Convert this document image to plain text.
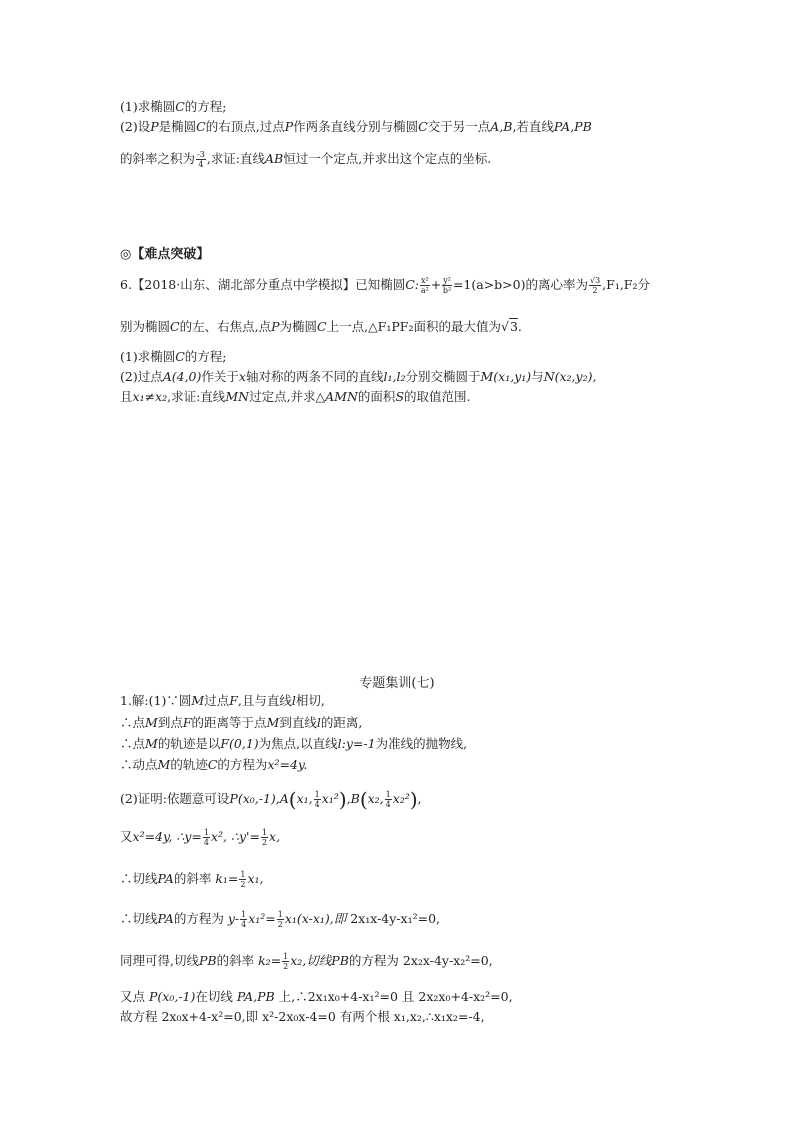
(1)求椭圆C的方程;
(2)设P是椭圆C的右顶点,过点P作两条直线分别与椭圆C交于另一点A,B,若直线PA,PB
的斜率之积为 $\frac{-3}{4}$ ,求证:直线AB恒过一个定点,并求出这个定点的坐标.
◎【难点突破】
6.【2018·山东、湖北部分重点中学模拟】已知椭圆C: $\frac{\text{x²}}{\text{a²}} + \frac{\text{y²}}{\text{b²}} =1(a>b>0)$的离心率为 $\frac{√3}{2} ,F_1,F_2$分
别为椭圆C的左、右焦点,点P为椭圆C上一点,△F₁PF₂面积的最大值为√3.
(1)求椭圆C的方程;
(2)过点A(4,0)作关于x轴对称的两条不同的直线l₁,l₂分别交椭圆于M(x₁,y₁)与N(x₂,y₂),
且x₁≠x₂,求证:直线MN过定点,并求△AMN的面积S的取值范围.
专题集训(七)
1.解:(1)∵圆M过点F,且与直线l相切,
∴点M到点F的距离等于点M到直线l的距离,
∴点M的轨迹是以F(0,1)为焦点,以直线l:y=-1为准线的抛物线,
∴动点M的轨迹C的方程为x²=4y.
(2)证明:依题意可设P(x₀,-1),A(x₁, $\frac{1}{4} x_1^2),B(x_2$, $\frac{1}{4} x_2^2$),
又x²=4y, ∴y= $\frac{1}{4} x^2$, ∴y'= $\frac{1}{2} x$,
∴切线PA的斜率 $k_1= \frac{1}{2} x_1$,
∴切线PA的方程为 $y- \frac{1}{4} x_1^2= \frac{1}{2} x_1(x-x_1)$,即 2x₁x-4y-x₁²=0,
同理可得,切线PB的斜率 $k_2= \frac{1}{2} x_2$,切线PB的方程为 2x₂x-4y-x₂²=0,
又点 P(x₀,-1)在切线 PA,PB 上,∴2x₁x₀+4-x₁²=0 且 2x₂x₀+4-x₂²=0,
故方程 2x₀x+4-x²=0,即 x²-2x₀x-4=0 有两个根 x₁,x₂,∴x₁x₂=-4,
